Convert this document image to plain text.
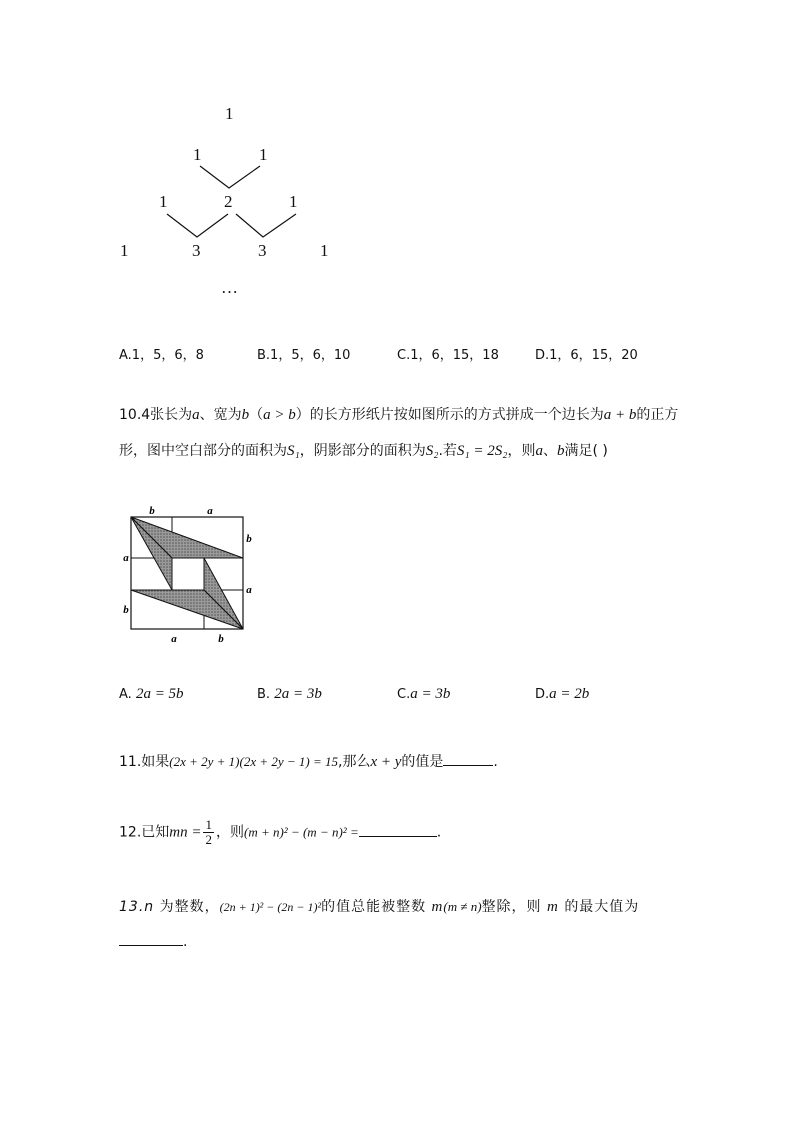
1
1	1
1	2	1
1	3	3	1
…
A.1，5，6，8	B.1，5，6，10	C.1，6，15，18	D.1，6，15，20
10.4张长为a、宽为b（a > b）的长方形纸片按如图所示的方式拼成一个边长为a + b的正方
形，图中空白部分的面积为S₁，阴影部分的面积为S₂.若S₁ = 2S₂，则a、b满足( )
b	a
b
a
a
b
a	b
A. 2a = 5b	B. 2a = 3b	C.a = 3b	D.a = 2b
11.如果(2x + 2y + 1)(2x + 2y − 1) = 15,那么x + y的值是	.
12.已知mn = $\frac{1}{2}$ ，则(m + n)² − (m − n)² =	.
13.n 为整数，(2n + 1)² − (2n − 1)²的值总能被整数 m(m ≠ n)整除，则 m 的最大值为
.
